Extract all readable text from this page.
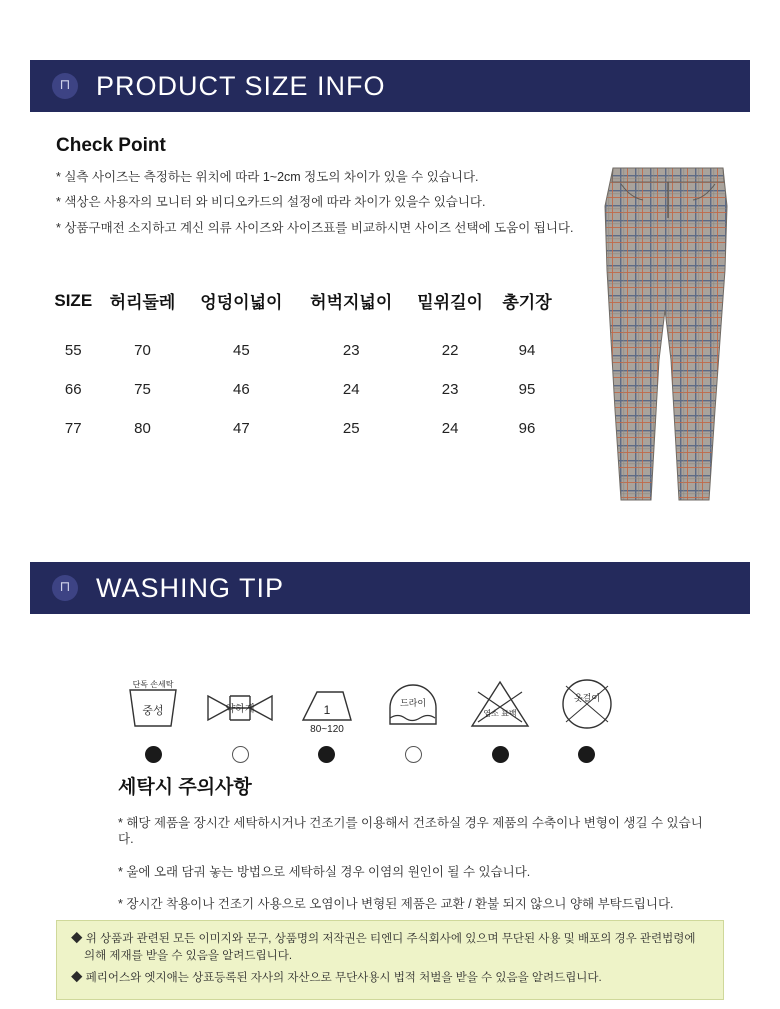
⊓ PRODUCT SIZE INFO
Check Point

* 실측 사이즈는 측정하는 위치에 따라 1~2cm 정도의 차이가 있을 수 있습니다.

* 색상은 사용자의 모니터 와 비디오카드의 설정에 따라 차이가 있을수 있습니다.

* 상품구매전 소지하고 계신 의류 사이즈와 사이즈표를 비교하시면 사이즈 선택에 도움이 됩니다.

SIZE	허리둘레	엉덩이넓이	허벅지넓이	밑위길이	총기장
55	70	45	23	22	94
66	75	46	24	23	95
77	80	47	25	24	96
⊓ WASHING TIP
단독 손세탁
중성	약하게	1
80~120
드라이
염소 표백
옷걸이
세탁시 주의사항

* 해당 제품을 장시간 세탁하시거나 건조기를 이용해서 건조하실 경우 제품의 수축이나 변형이 생길 수 있습니다.

* 울에 오래 담궈 놓는 방법으로 세탁하실 경우 이염의 원인이 될 수 있습니다.

* 장시간 착용이나 건조기 사용으로 오염이나 변형된 제품은 교환 / 환불 되지 않으니 양해 부탁드립니다.

◆ 위 상품과 관련된 모든 이미지와 문구, 상품명의 저작권은 티엔디 주식회사에 있으며 무단된 사용 및 배포의 경우 관련법령에 의해 제재를 받을 수 있음을 알려드립니다.

◆ 페리어스와 엣지애는 상표등록된 자사의 자산으로 무단사용시 법적 처벌을 받을 수 있음을 알려드립니다.
